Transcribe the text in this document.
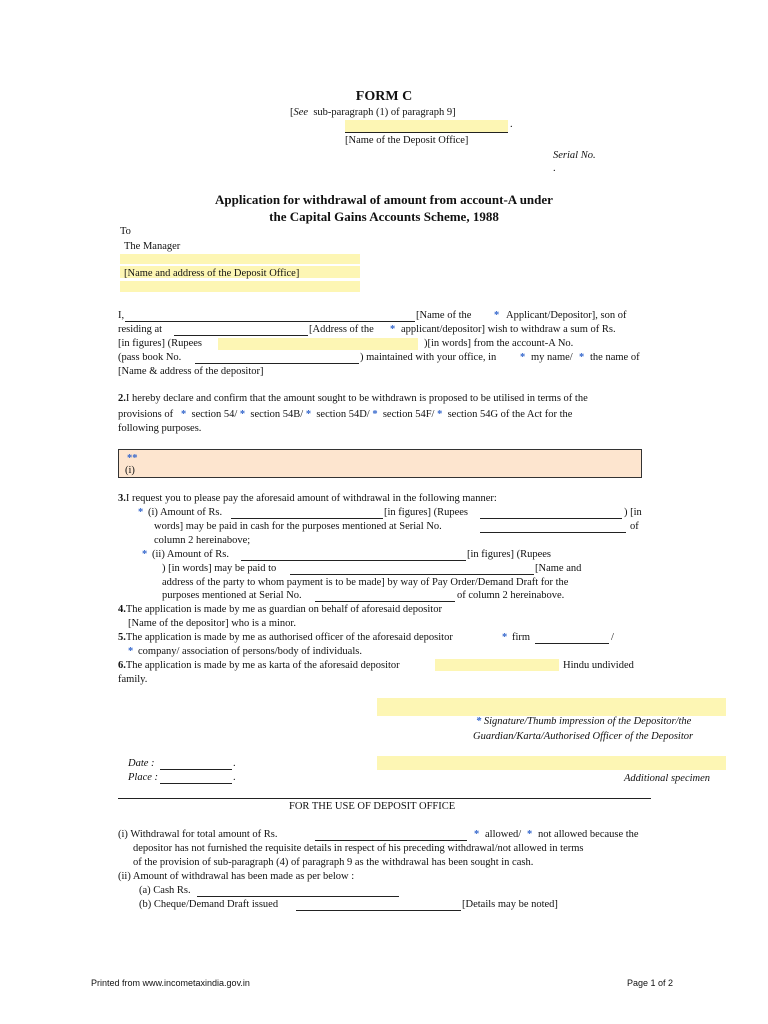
FORM C
[See sub-paragraph (1) of paragraph 9]
.
[Name of the Deposit Office]
Serial No.
.
Application for withdrawal of amount from account-A under
the Capital Gains Accounts Scheme, 1988
To
The Manager
[Name and address of the Deposit Office]
I,	[Name of the * Applicant/Depositor], son of
residing at	[Address of the * applicant/depositor] wish to withdraw a sum of Rs.
[in figures] (Rupees	)[in words] from the account-A No.
(pass book No.	) maintained with your office, in * my name/ * the name of
[Name & address of the depositor]
2.I hereby declare and confirm that the amount sought to be withdrawn is proposed to be utilised in terms of the
provisions of * section 54/ * section 54B/ * section 54D/ * section 54F/ * section 54G of the Act for the
following purposes.
**
(i)
3.I request you to please pay the aforesaid amount of withdrawal in the following manner:
* (i) Amount of Rs.	[in figures] (Rupees	) [in
words] may be paid in cash for the purposes mentioned at Serial No.	of
column 2 hereinabove;
* (ii) Amount of Rs.	[in figures] (Rupees
) [in words] may be paid to	[Name and
address of the party to whom payment is to be made] by way of Pay Order/Demand Draft for the
purposes mentioned at Serial No.	of column 2 hereinabove.
4.The application is made by me as guardian on behalf of aforesaid depositor
[Name of the depositor] who is a minor.
5.The application is made by me as authorised officer of the aforesaid depositor	* firm	/
* company/ association of persons/body of individuals.
6.The application is made by me as karta of the aforesaid depositor	Hindu undivided
family.
* Signature/Thumb impression of the Depositor/the
Guardian/Karta/Authorised Officer of the Depositor
Date :	.
Place :	.	Additional specimen
FOR THE USE OF DEPOSIT OFFICE
(i) Withdrawal for total amount of Rs.	* allowed/ * not allowed because the
depositor has not furnished the requisite details in respect of his preceding withdrawal/not allowed in terms
of the provision of sub-paragraph (4) of paragraph 9 as the withdrawal has been sought in cash.
(ii) Amount of withdrawal has been made as per below :
(a) Cash Rs.
(b) Cheque/Demand Draft issued	[Details may be noted]
Printed from www.incometaxindia.gov.in	Page 1 of 2
